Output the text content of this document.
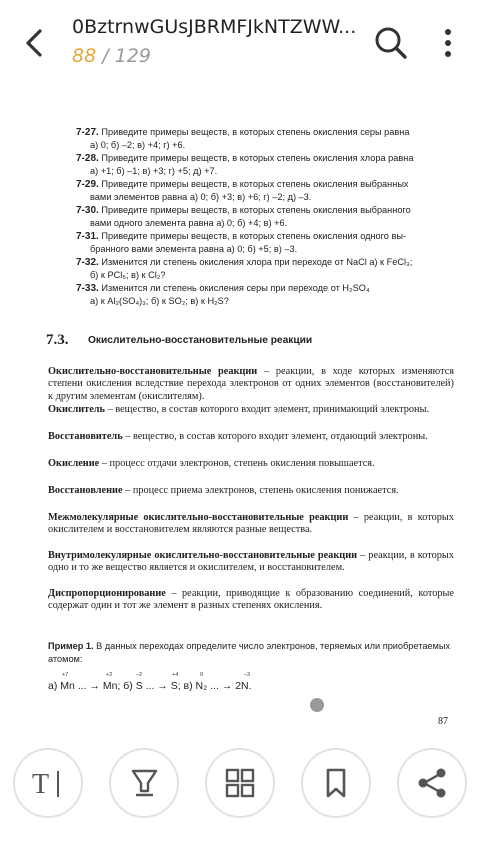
0BztrnwGUsJBRMFJkNTZWW...
88 / 129
7-27. Приведите примеры веществ, в которых степень окисления серы равна
а) 0; б) –2; в) +4; г) +6.
7-28. Приведите примеры веществ, в которых степень окисления хлора равна
а) +1; б) –1; в) +3; г) +5; д) +7.
7-29. Приведите примеры веществ, в которых степень окисления выбранных
вами элементов равна а) 0; б) +3; в) +6; г) –2; д) –3.
7-30. Приведите примеры веществ, в которых степень окисления выбранного
вами одного элемента равна а) 0; б) +4; в) +6.
7-31. Приведите примеры веществ, в которых степень окисления одного вы-
бранного вами элемента равна а) 0; б) +5; в) –3.
7-32. Изменится ли степень окисления хлора при переходе от NaCl а) к FeCl₃;
б) к PCl₅; в) к Cl₂?
7-33. Изменится ли степень окисления серы при переходе от H₂SO₄
а) к Al₂(SO₄)₃; б) к SO₂; в) к H₂S?
7.3. Окислительно-восстановительные реакции
Окислительно-восстановительные реакции – реакции, в ходе которых изменяются степени окисления вследствие перехода электронов от одних элементов (восстановителей) к другим элементам (окислителям).
Окислитель – вещество, в состав которого входит элемент, принимающий электроны.
Восстановитель – вещество, в состав которого входит элемент, отдающий электроны.
Окисление – процесс отдачи электронов, степень окисления повышается.
Восстановление – процесс приема электронов, степень окисления понижается.
Межмолекулярные окислительно-восстановительные реакции – реакции, в которых окислителем и восстановителем являются разные вещества.
Внутримолекулярные окислительно-восстановительные реакции – реакции, в которых одно и то же вещество является и окислителем, и восстановителем.
Диспропорционирование – реакции, приводящие к образованию соединений, которые содержат один и тот же элемент в разных степенях окисления.
Пример 1. В данных переходах определите число электронов, теряемых или приобретаемых атомом:
+7	+2	–2	+4	0	–3
а) Mn ... → Mn; б) S ... → S; в) N₂ ... → 2N.
87
T
